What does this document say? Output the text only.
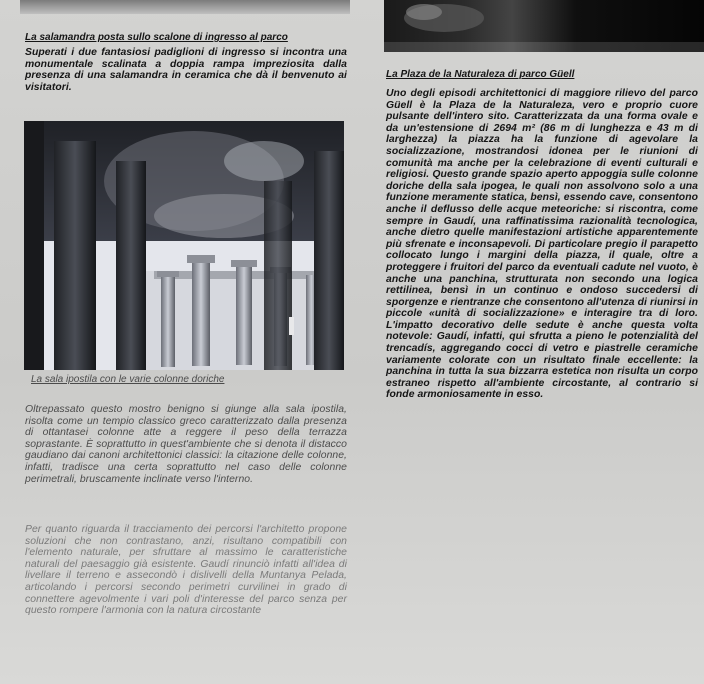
La salamandra posta sullo scalone di ingresso al parco

Superati i due fantasiosi padiglioni di ingresso si incontra una monumentale scalinata a doppia rampa impreziosita dalla presenza di una salamandra in ceramica che dà il benvenuto ai visitatori.

La sala ipostila con le varie colonne doriche

Oltrepassato questo mostro benigno si giunge alla sala ipostila, risolta come un tempio classico greco caratterizzato dalla presenza di ottantasei colonne atte a reggere il peso della terrazza soprastante. È soprattutto in quest'ambiente che si denota il distacco gaudiano dai canoni architettonici classici: la citazione delle colonne, infatti, tradisce una certa soprattutto nel caso delle colonne perimetrali, bruscamente inclinate verso l'interno.

Per quanto riguarda il tracciamento dei percorsi l'architetto propone soluzioni che non contrastano, anzi, risultano compatibili con l'elemento naturale, per sfruttare al massimo le caratteristiche naturali del paesaggio già esistente. Gaudí rinunciò infatti all'idea di livellare il terreno e assecondò i dislivelli della Muntanya Pelada, articolando i percorsi secondo perimetri curvilinei in grado di connettere agevolmente i vari poli d'interesse del parco senza per questo rompere l'armonia con la natura circostante

La Plaza de la Naturaleza di parco Güell

Uno degli episodi architettonici di maggiore rilievo del parco Güell è la Plaza de la Naturaleza, vero e proprio cuore pulsante dell'intero sito. Caratterizzata da una forma ovale e da un'estensione di 2694 m² (86 m di lunghezza e 43 m di larghezza) la piazza ha la funzione di agevolare la socializzazione, mostrandosi idonea per le riunioni di comunità ma anche per la celebrazione di eventi culturali e religiosi. Questo grande spazio aperto appoggia sulle colonne doriche della sala ipogea, le quali non assolvono solo a una funzione meramente statica, bensì, essendo cave, consentono anche il deflusso delle acque meteoriche: si riscontra, come sempre in Gaudí, una raffinatissima razionalità tecnologica, anche dietro quelle manifestazioni artistiche apparentemente più sfrenate e inconsapevoli. Di particolare pregio il parapetto collocato lungo i margini della piazza, il quale, oltre a proteggere i fruitori del parco da eventuali cadute nel vuoto, è anche una panchina, strutturata non secondo una logica rettilinea, bensì in un continuo e ondoso succedersi di sporgenze e rientranze che consentono all'utenza di riunirsi in piccole «unità di socializzazione» e interagire tra di loro. L'impatto decorativo delle sedute è anche questa volta notevole: Gaudí, infatti, qui sfrutta a pieno le potenzialità del trencadís, aggregando cocci di vetro e piastrelle ceramiche variamente colorate con un risultato finale eccellente: la panchina in tutta la sua bizzarra estetica non risulta un corpo estraneo rispetto all'ambiente circostante, al contrario si fonde armoniosamente in esso.
